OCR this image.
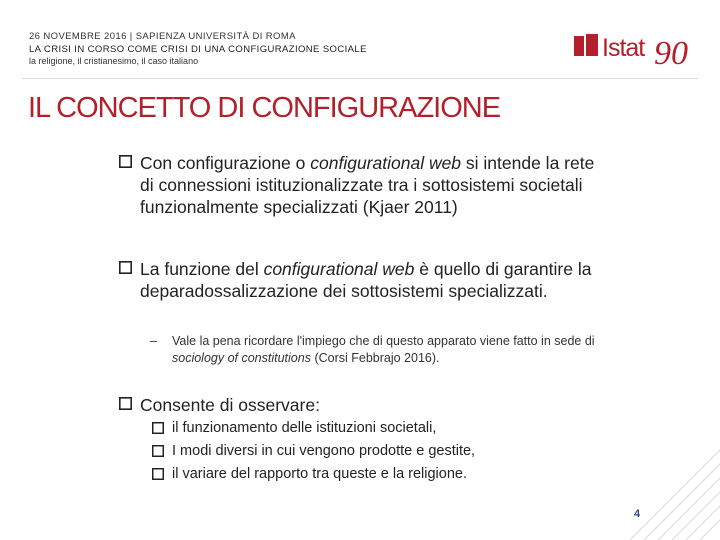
26 NOVEMBRE 2016 | SAPIENZA UNIVERSITÀ DI ROMA
LA CRISI IN CORSO COME CRISI DI UNA CONFIGURAZIONE SOCIALE
la religione, il cristianesimo, il caso italiano	Istat 90
IL CONCETTO DI CONFIGURAZIONE
Con configurazione o configurational web si intende la rete
di connessioni istituzionalizzate tra i sottosistemi societali
funzionalmente specializzati (Kjaer 2011)
La funzione del configurational web è quello di garantire la
deparadossalizzazione dei sottosistemi specializzati.
– Vale la pena ricordare l'impiego che di questo apparato viene fatto in sede di
sociology of constitutions (Corsi Febbrajo 2016).
Consente di osservare:
il funzionamento delle istituzioni societali,
I modi diversi in cui vengono prodotte e gestite,
il variare del rapporto tra queste e la religione.
4
